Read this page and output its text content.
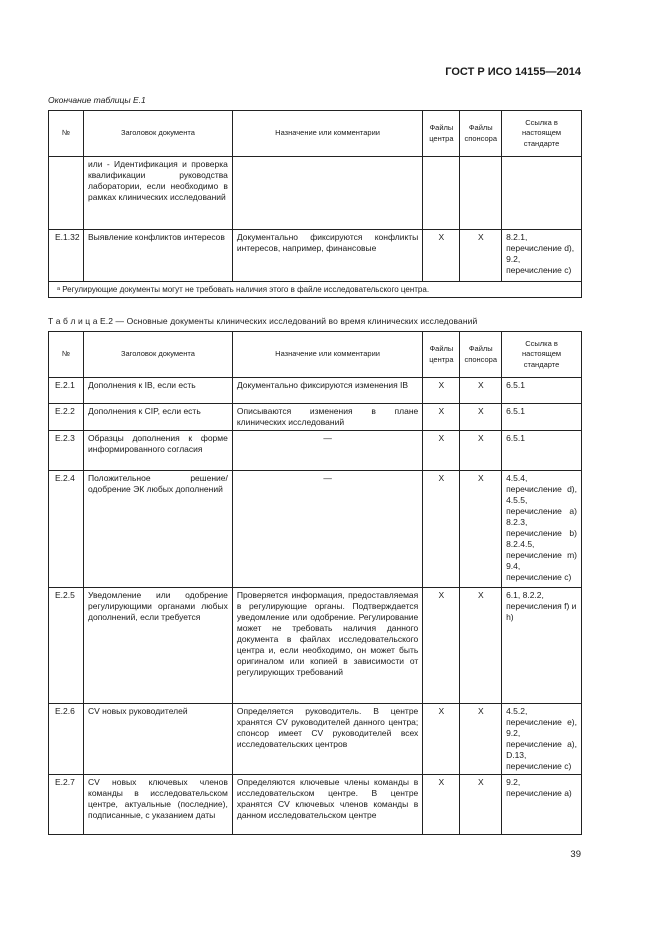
ГОСТ Р ИСО 14155—2014
Окончание таблицы Е.1
№	Заголовок документа	Назначение или комментарии	Файлы центра	Файлы спонсора	Ссылка в настоящем стандарте
	или - Идентификация и проверка квалификации руководства лаборатории, если необходимо в рамках клинических исследований				
E.1.32	Выявление конфликтов интересов	Документально фиксируются конфликты интересов, например, финансовые	X	X	8.2.1, перечисление d), 9.2, перечисление с)
ᵃ Регулирующие документы могут не требовать наличия этого в файле исследовательского центра.					
Т а б л и ц а Е.2 — Основные документы клинических исследований во время клинических исследований
№	Заголовок документа	Назначение или комментарии	Файлы центра	Файлы спонсора	Ссылка в настоящем стандарте
E.2.1	Дополнения к IB, если есть	Документально фиксируются изменения IB	X	X	6.5.1
E.2.2	Дополнения к CIP, если есть	Описываются изменения в плане клинических исследований	X	X	6.5.1
E.2.3	Образцы дополнения к форме информированного согласия	—	X	X	6.5.1
E.2.4	Положительное решение/ одобрение ЭК любых дополнений	—	X	X	4.5.4, перечисление d), 4.5.5, перечисление a) 8.2.3, перечисление b) 8.2.4.5, перечисление m) 9.4, перечисление с)
E.2.5	Уведомление или одобрение регулирующими органами любых дополнений, если требуется	Проверяется информация, предоставляемая в регулирующие органы. Подтверждается уведомление или одобрение. Регулирование может не требовать наличия данного документа в файлах исследовательского центра и, если необходимо, он может быть оригиналом или копией в зависимости от регулирующих требований	X	X	6.1, 8.2.2, перечисления f) и h)
E.2.6	CV новых руководителей	Определяется руководитель. В центре хранятся CV руководителей данного центра; спонсор имеет CV руководителей всех исследовательских центров	X	X	4.5.2, перечисление e), 9.2, перечисление a), D.13, перечисление с)
E.2.7	CV новых ключевых членов команды в исследовательском центре, актуальные (последние), подписанные, с указанием даты	Определяются ключевые члены команды в исследовательском центре. В центре хранятся CV ключевых членов команды в данном исследовательском центре	X	X	9.2, перечисление a)
39
